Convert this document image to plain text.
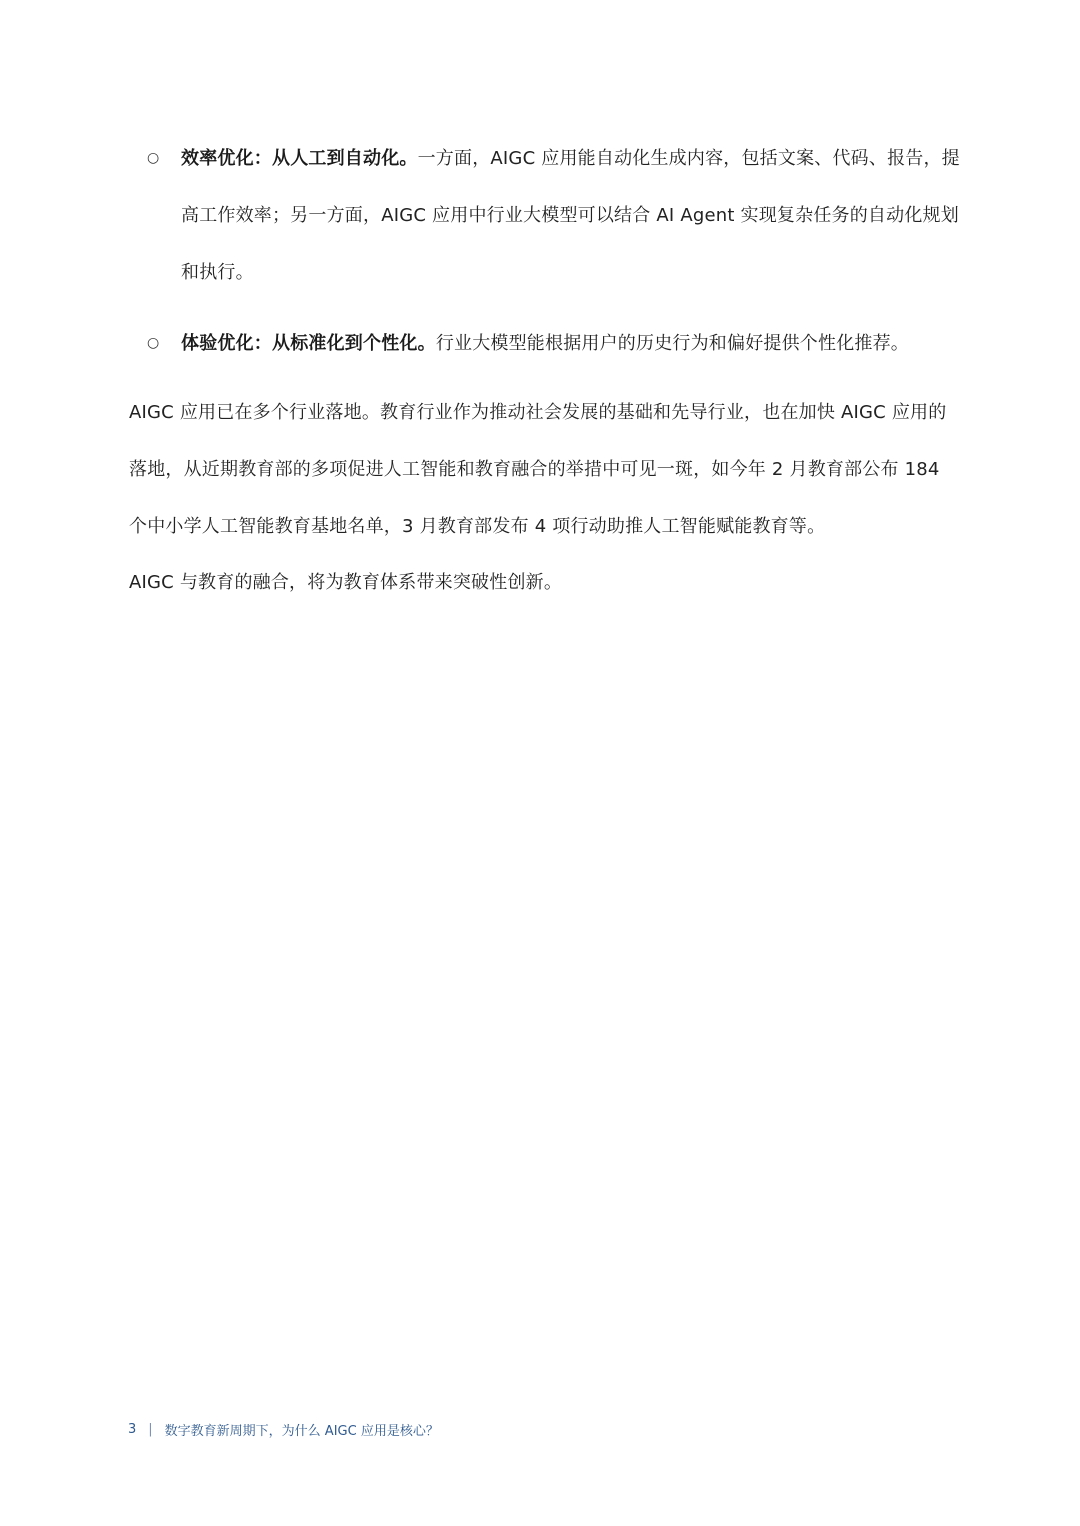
○ 效率优化：从人工到自动化。一方面，AIGC 应用能自动化生成内容，包括文案、代码、报告，提高工作效率；另一方面，AIGC 应用中行业大模型可以结合 AI Agent 实现复杂任务的自动化规划和执行。
○ 体验优化：从标准化到个性化。行业大模型能根据用户的历史行为和偏好提供个性化推荐。

AIGC 应用已在多个行业落地。教育行业作为推动社会发展的基础和先导行业，也在加快 AIGC 应用的落地，从近期教育部的多项促进人工智能和教育融合的举措中可见一斑，如今年 2 月教育部公布 184 个中小学人工智能教育基地名单，3 月教育部发布 4 项行动助推人工智能赋能教育等。

AIGC 与教育的融合，将为教育体系带来突破性创新。

3 | 数字教育新周期下，为什么 AIGC 应用是核心？
